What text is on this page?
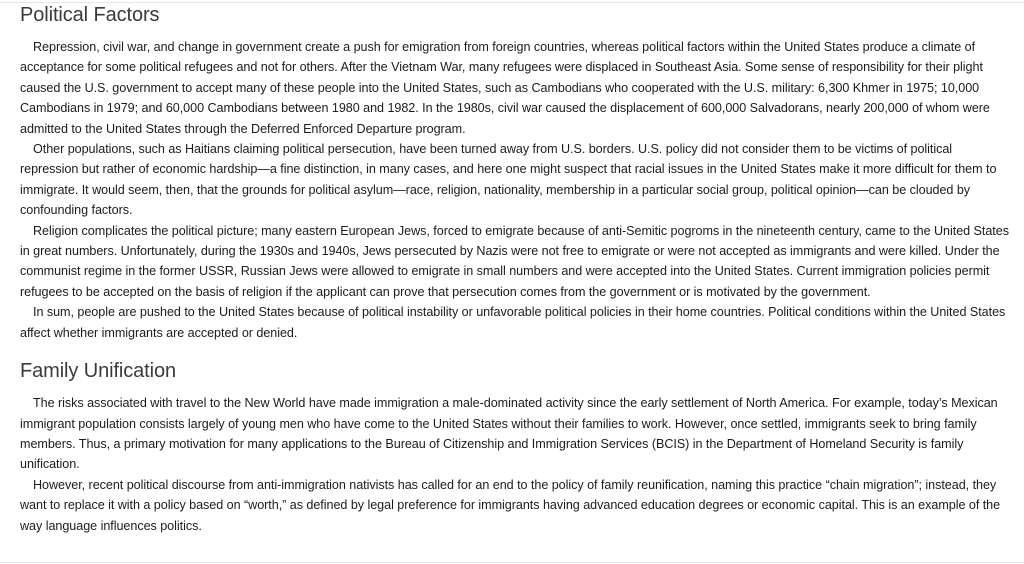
Political Factors

Repression, civil war, and change in government create a push for emigration from foreign countries, whereas political factors within the United States produce a climate of acceptance for some political refugees and not for others. After the Vietnam War, many refugees were displaced in Southeast Asia. Some sense of responsibility for their plight caused the U.S. government to accept many of these people into the United States, such as Cambodians who cooperated with the U.S. military: 6,300 Khmer in 1975; 10,000 Cambodians in 1979; and 60,000 Cambodians between 1980 and 1982. In the 1980s, civil war caused the displacement of 600,000 Salvadorans, nearly 200,000 of whom were admitted to the United States through the Deferred Enforced Departure program.

Other populations, such as Haitians claiming political persecution, have been turned away from U.S. borders. U.S. policy did not consider them to be victims of political repression but rather of economic hardship—a fine distinction, in many cases, and here one might suspect that racial issues in the United States make it more difficult for them to immigrate. It would seem, then, that the grounds for political asylum—race, religion, nationality, membership in a particular social group, political opinion—can be clouded by confounding factors.

Religion complicates the political picture; many eastern European Jews, forced to emigrate because of anti-Semitic pogroms in the nineteenth century, came to the United States in great numbers. Unfortunately, during the 1930s and 1940s, Jews persecuted by Nazis were not free to emigrate or were not accepted as immigrants and were killed. Under the communist regime in the former USSR, Russian Jews were allowed to emigrate in small numbers and were accepted into the United States. Current immigration policies permit refugees to be accepted on the basis of religion if the applicant can prove that persecution comes from the government or is motivated by the government.

In sum, people are pushed to the United States because of political instability or unfavorable political policies in their home countries. Political conditions within the United States affect whether immigrants are accepted or denied.

Family Unification

The risks associated with travel to the New World have made immigration a male-dominated activity since the early settlement of North America. For example, today’s Mexican immigrant population consists largely of young men who have come to the United States without their families to work. However, once settled, immigrants seek to bring family members. Thus, a primary motivation for many applications to the Bureau of Citizenship and Immigration Services (BCIS) in the Department of Homeland Security is family unification.

However, recent political discourse from anti-immigration nativists has called for an end to the policy of family reunification, naming this practice “chain migration”; instead, they want to replace it with a policy based on “worth,” as defined by legal preference for immigrants having advanced education degrees or economic capital. This is an example of the way language influences politics.
